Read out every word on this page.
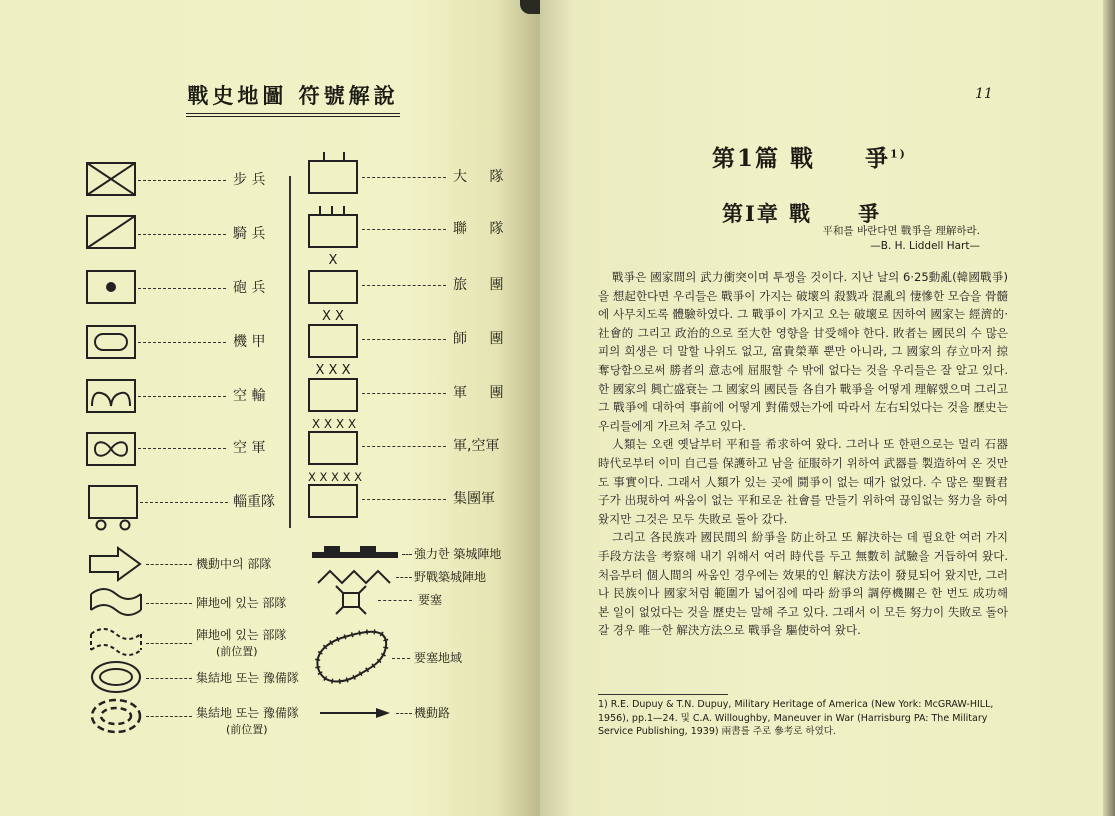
戰史地圖 符號解說
步 兵
騎 兵
砲 兵
機 甲
空 輸
空 軍
輜重隊
大 隊
聯 隊
X
旅 團
X X
師 團
X X X
軍 團
X X X X
軍,空軍
X X X X X
集團軍
機動中의 部隊
陣地에 있는 部隊
陣地에 있는 部隊
(前位置)
集結地 또는 豫備隊
集結地 또는 豫備隊
(前位置)
強力한 築城陣地
野戰築城陣地
要塞
要塞地域
機動路
11
第1篇 戰　　爭$^{1)}$
第Ⅰ章 戰　　爭
平和를 바란다면 戰爭을 理解하라.
—B. H. Liddell Hart—

戰爭은 國家間의 武力衝突이며 투쟁을 것이다. 지난 날의 6·25動亂(韓國戰爭)을 想起한다면 우리들은 戰爭이 가지는 破壞의 殺戮과 混亂의 悽慘한 모습을 骨髓에 사무치도록 體驗하였다. 그 戰爭이 가지고 오는 破壞로 因하여 國家는 經濟的·社會的 그리고 政治的으로 至大한 영향을 甘受해야 한다. 敗者는 國民의 수 많은 피의 희생은 더 말할 나위도 없고, 富貴榮華 뿐만 아니라, 그 國家의 存立마저 掠奪당함으로써 勝者의 意志에 屈服할 수 밖에 없다는 것을 우리들은 잘 알고 있다. 한 國家의 興亡盛衰는 그 國家의 國民들 各自가 戰爭을 어떻게 理解했으며 그리고 그 戰爭에 대하여 事前에 어떻게 對備했는가에 따라서 左右되었다는 것을 歷史는 우리들에게 가르쳐 주고 있다.

人類는 오랜 옛날부터 平和를 希求하여 왔다. 그러나 또 한편으로는 멀리 石器時代로부터 이미 自己를 保護하고 남을 征服하기 위하여 武器를 製造하여 온 것만도 事實이다. 그래서 人類가 있는 곳에 鬪爭이 없는 때가 없었다. 수 많은 聖賢君子가 出現하여 싸움이 없는 平和로운 社會를 만들기 위하여 끊임없는 努力을 하여 왔지만 그것은 모두 失敗로 돌아 갔다.

그리고 各民族과 國民間의 紛爭을 防止하고 또 解決하는 데 필요한 여러 가지 手段方法을 考察해 내기 위해서 여러 時代를 두고 無數히 試驗을 거듭하여 왔다. 처음부터 個人間의 싸움인 경우에는 效果的인 解決方法이 發見되어 왔지만, 그러나 民族이나 國家처럼 範圍가 넓어짐에 따라 紛爭의 調停機關은 한 번도 成功해 본 일이 없었다는 것을 歷史는 말해 주고 있다. 그래서 이 모든 努力이 失敗로 돌아갈 경우 唯一한 解決方法으로 戰爭을 驅使하여 왔다.

1) R.E. Dupuy & T.N. Dupuy, Military Heritage of America (New York: McGRAW-HILL, 1956), pp.1—24. 및 C.A. Willoughby, Maneuver in War (Harrisburg PA: The Military Service Publishing, 1939) 兩書를 주로 參考로 하였다.
